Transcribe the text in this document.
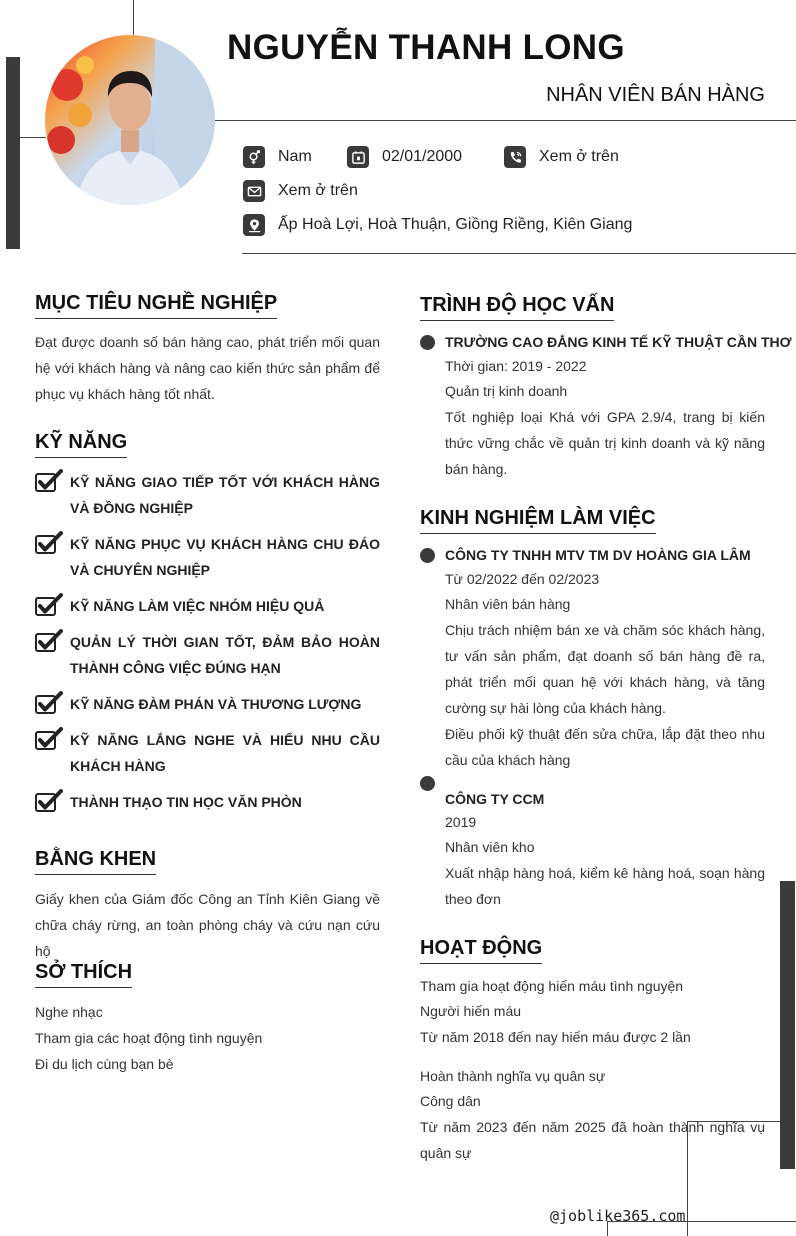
NGUYỄN THANH LONG
NHÂN VIÊN BÁN HÀNG
Nam	02/01/2000	Xem ở trên
Xem ở trên
Ấp Hoà Lợi, Hoà Thuận, Giồng Riềng, Kiên Giang
MỤC TIÊU NGHỀ NGHIỆP
Đạt được doanh số bán hàng cao, phát triển mối quan hệ với khách hàng và nâng cao kiến thức sản phẩm để phục vụ khách hàng tốt nhất.
KỸ NĂNG
KỸ NĂNG GIAO TIẾP TỐT VỚI KHÁCH HÀNG VÀ ĐỒNG NGHIỆP
KỸ NĂNG PHỤC VỤ KHÁCH HÀNG CHU ĐÁO VÀ CHUYÊN NGHIỆP
KỸ NĂNG LÀM VIỆC NHÓM HIỆU QUẢ
QUẢN LÝ THỜI GIAN TỐT, ĐẢM BẢO HOÀN THÀNH CÔNG VIỆC ĐÚNG HẠN
KỸ NĂNG ĐÀM PHÁN VÀ THƯƠNG LƯỢNG
KỸ NĂNG LẮNG NGHE VÀ HIỂU NHU CẦU KHÁCH HÀNG
THÀNH THẠO TIN HỌC VĂN PHÒN
BẰNG KHEN
Giấy khen của Giám đốc Công an Tỉnh Kiên Giang về chữa cháy rừng, an toàn phòng cháy và cứu nạn cứu hộ
SỞ THÍCH
Nghe nhạc
Tham gia các hoạt động tình nguyện
Đi du lịch cùng bạn bè
TRÌNH ĐỘ HỌC VẤN
TRƯỜNG CAO ĐẲNG KINH TẾ KỸ THUẬT CẦN THƠ
Thời gian: 2019 - 2022
Quản trị kinh doanh
Tốt nghiệp loại Khá với GPA 2.9/4, trang bị kiến thức vững chắc về quản trị kinh doanh và kỹ năng bán hàng.
KINH NGHIỆM LÀM VIỆC
CÔNG TY TNHH MTV TM DV HOÀNG GIA LÂM
Từ 02/2022 đến 02/2023
Nhân viên bán hàng
Chịu trách nhiệm bán xe và chăm sóc khách hàng, tư vấn sản phẩm, đạt doanh số bán hàng đề ra, phát triển mối quan hệ với khách hàng, và tăng cường sự hài lòng của khách hàng.
Điều phối kỹ thuật đến sửa chữa, lắp đặt theo nhu cầu của khách hàng
CÔNG TY CCM
2019
Nhân viên kho
Xuất nhập hàng hoá, kiểm kê hàng hoá, soạn hàng theo đơn
HOẠT ĐỘNG
Tham gia hoạt động hiến máu tình nguyện
Người hiến máu
Từ năm 2018 đến nay hiến máu được 2 lần
Hoàn thành nghĩa vụ quân sự
Công dân
Từ năm 2023 đến năm 2025 đã hoàn thành nghĩa vụ quân sự
@joblike365.com
